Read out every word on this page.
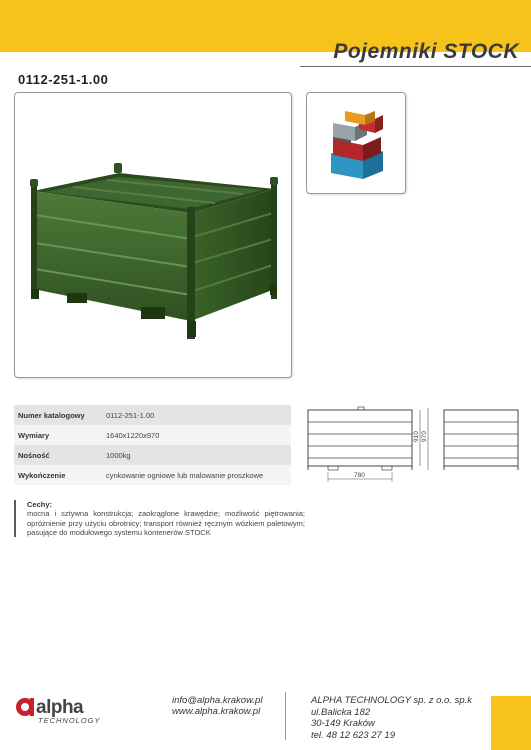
Pojemniki STOCK
0112-251-1.00
Numer katalogowy	0112-251-1.00
Wymiary	1640x1220x970
Nośność	1000kg
Wykończenie	cynkowanie ogniowe lub malowanie proszkowe	780
910 970
Cechy:
mocna i sztywna konstrukcja; zaokrąglone krawędzie; możliwość piętrowania; opróżnienie przy użyciu obrotnicy; transport również ręcznym wózkiem paletowym; pasujące do modułowego systemu kontenerów STOCK
alpha
TECHNOLOGY
info@alpha.krakow.pl
www.alpha.krakow.pl
ALPHA TECHNOLOGY sp. z o.o. sp.k
ul.Balicka 182
30-149 Kraków
tel. 48 12 623 27 19
